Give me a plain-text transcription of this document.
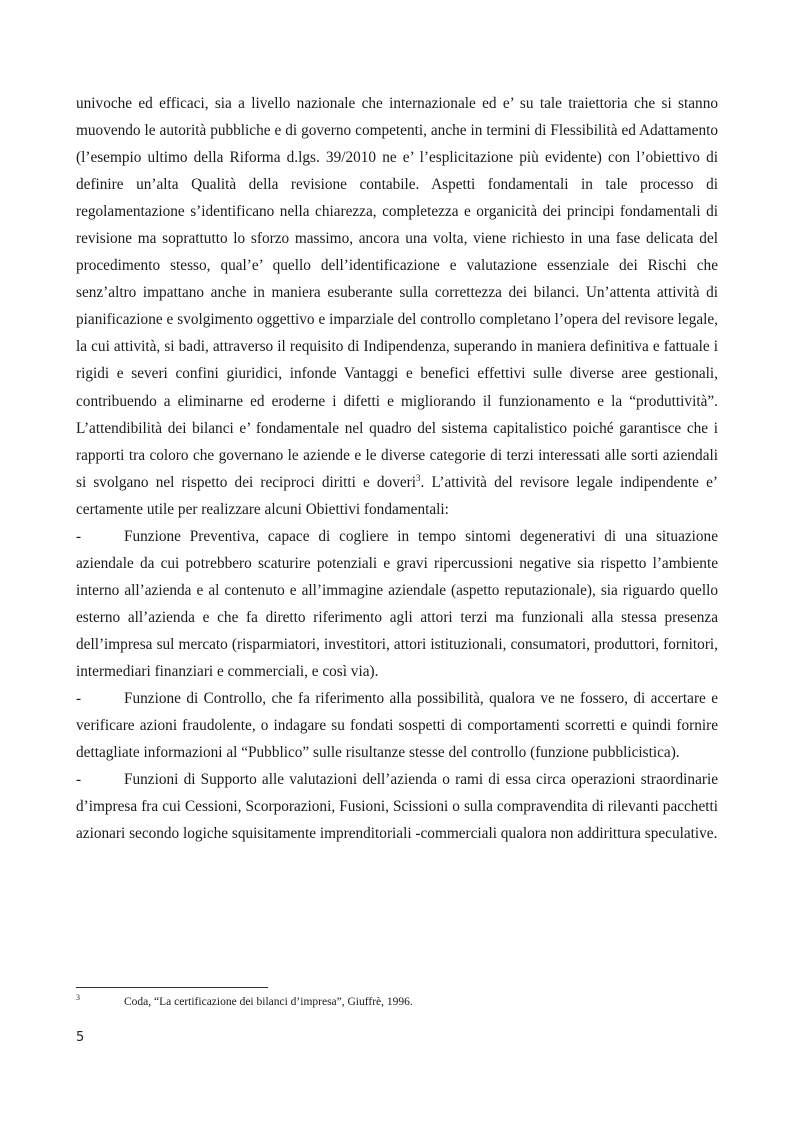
univoche ed efficaci, sia a livello nazionale che internazionale ed e’ su tale traiettoria che si stanno muovendo le autorità pubbliche e di governo competenti, anche in termini di Flessibilità ed Adattamento (l’esempio ultimo della Riforma d.lgs. 39/2010 ne e’ l’esplicitazione più evidente) con l’obiettivo di definire un’alta Qualità della revisione contabile. Aspetti fondamentali in tale processo di regolamentazione s’identificano nella chiarezza, completezza e organicità dei principi fondamentali di revisione ma soprattutto lo sforzo massimo, ancora una volta, viene richiesto in una fase delicata del procedimento stesso, qual’e’ quello dell’identificazione e valutazione essenziale dei Rischi che senz’altro impattano anche in maniera esuberante sulla correttezza dei bilanci. Un’attenta attività di pianificazione e svolgimento oggettivo e imparziale del controllo completano l’opera del revisore legale, la cui attività, si badi, attraverso il requisito di Indipendenza, superando in maniera definitiva e fattuale i rigidi e severi confini giuridici, infonde Vantaggi e benefici effettivi sulle diverse aree gestionali, contribuendo a eliminarne ed eroderne i difetti e migliorando il funzionamento e la “produttività”. L’attendibilità dei bilanci e’ fondamentale nel quadro del sistema capitalistico poiché garantisce che i rapporti tra coloro che governano le aziende e le diverse categorie di terzi interessati alle sorti aziendali si svolgano nel rispetto dei reciproci diritti e doveri$^3$. L’attività del revisore legale indipendente e’ certamente utile per realizzare alcuni Obiettivi fondamentali:

-	Funzione Preventiva, capace di cogliere in tempo sintomi degenerativi di una situazione aziendale da cui potrebbero scaturire potenziali e gravi ripercussioni negative sia rispetto l’ambiente interno all’azienda e al contenuto e all’immagine aziendale (aspetto reputazionale), sia riguardo quello esterno all’azienda e che fa diretto riferimento agli attori terzi ma funzionali alla stessa presenza dell’impresa sul mercato (risparmiatori, investitori, attori istituzionali, consumatori, produttori, fornitori, intermediari finanziari e commerciali, e così via).

-	Funzione di Controllo, che fa riferimento alla possibilità, qualora ve ne fossero, di accertare e verificare azioni fraudolente, o indagare su fondati sospetti di comportamenti scorretti e quindi fornire dettagliate informazioni al “Pubblico” sulle risultanze stesse del controllo (funzione pubblicistica).

-	Funzioni di Supporto alle valutazioni dell’azienda o rami di essa circa operazioni straordinarie d’impresa fra cui Cessioni, Scorporazioni, Fusioni, Scissioni o sulla compravendita di rilevanti pacchetti azionari secondo logiche squisitamente imprenditoriali -commerciali qualora non addirittura speculative.

3	Coda, “La certificazione dei bilanci d’impresa”, Giuffrè, 1996.
5
